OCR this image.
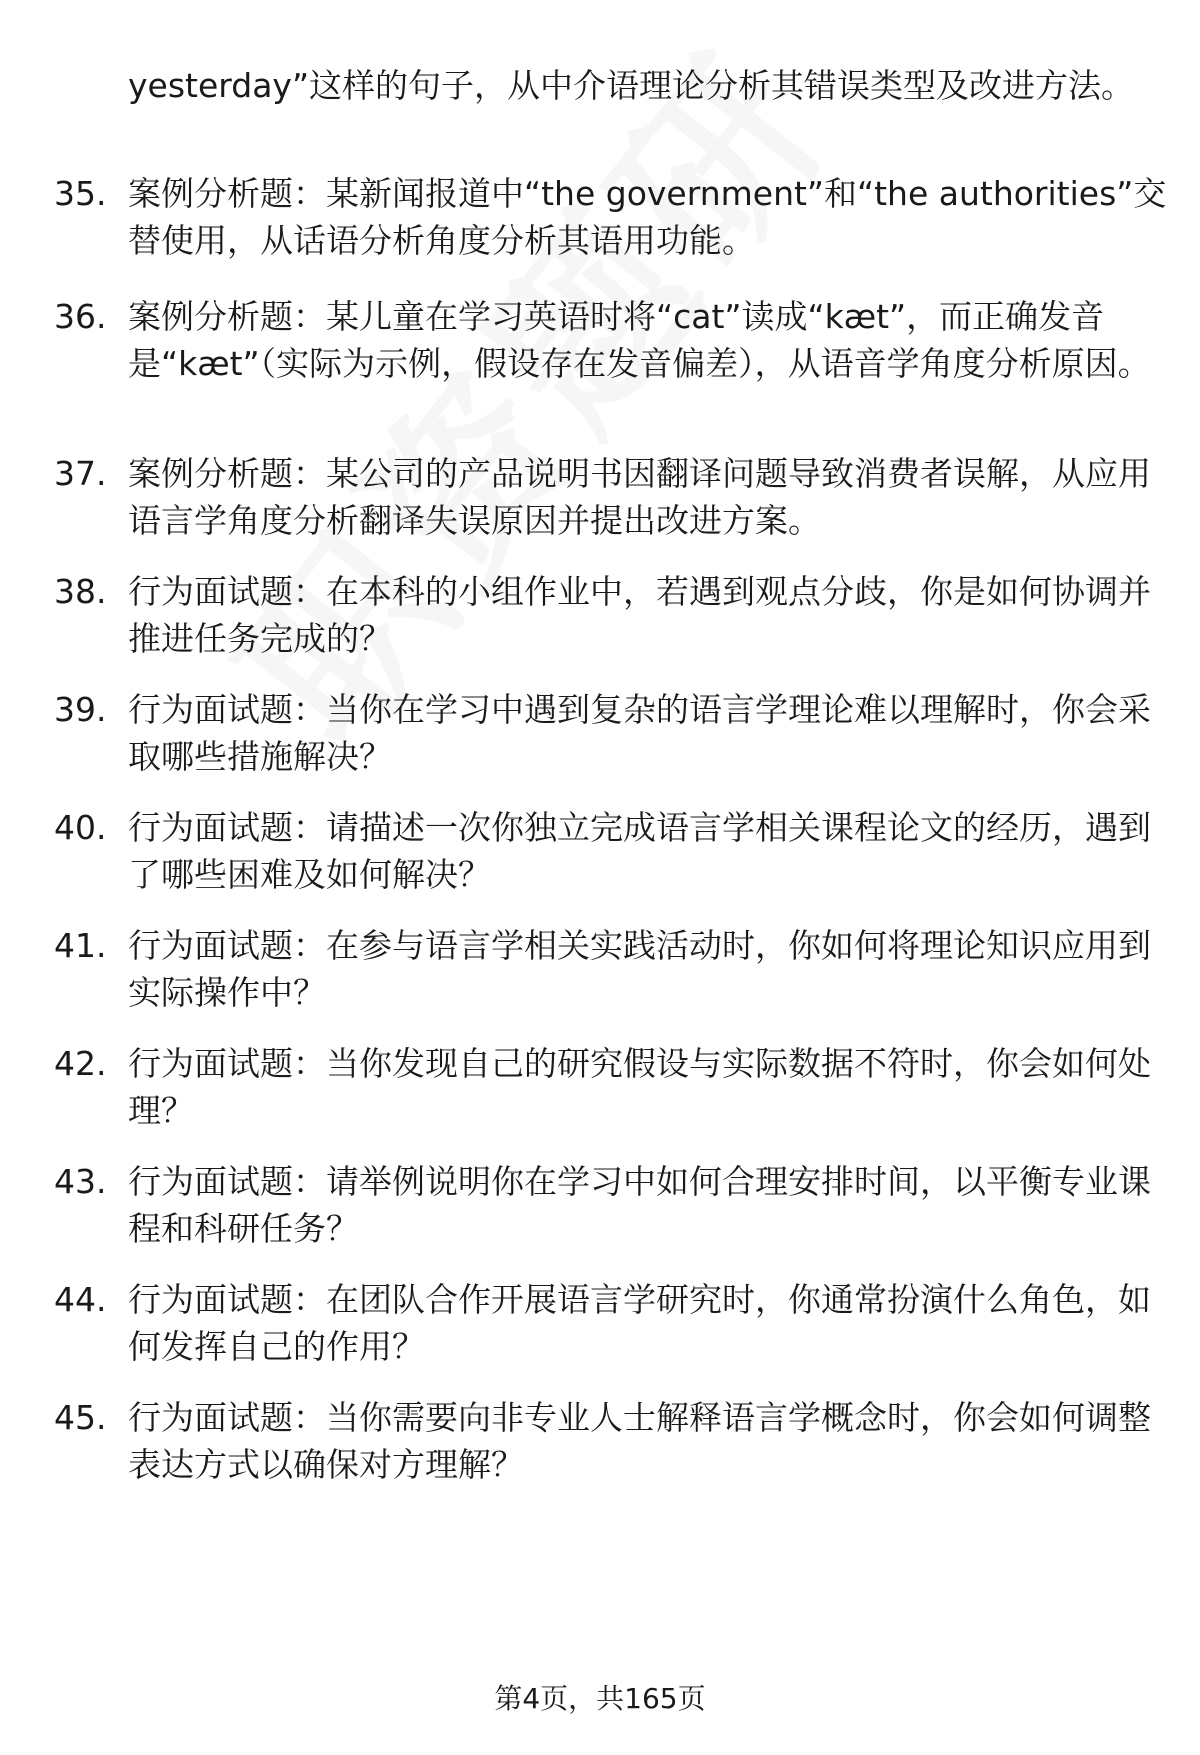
yesterday”这样的句子，从中介语理论分析其错误类型及改进方法。
35. 案例分析题：某新闻报道中“the government”和“the authorities”交替使用，从话语分析角度分析其语用功能。
36. 案例分析题：某儿童在学习英语时将“cat”读成“kæt”，而正确发音是“kæt”（实际为示例，假设存在发音偏差），从语音学角度分析原因。
37. 案例分析题：某公司的产品说明书因翻译问题导致消费者误解，从应用语言学角度分析翻译失误原因并提出改进方案。
38. 行为面试题：在本科的小组作业中，若遇到观点分歧，你是如何协调并推进任务完成的？
39. 行为面试题：当你在学习中遇到复杂的语言学理论难以理解时，你会采取哪些措施解决？
40. 行为面试题：请描述一次你独立完成语言学相关课程论文的经历，遇到了哪些困难及如何解决？
41. 行为面试题：在参与语言学相关实践活动时，你如何将理论知识应用到实际操作中？
42. 行为面试题：当你发现自己的研究假设与实际数据不符时，你会如何处理？
43. 行为面试题：请举例说明你在学习中如何合理安排时间，以平衡专业课程和科研任务？
44. 行为面试题：在团队合作开展语言学研究时，你通常扮演什么角色，如何发挥自己的作用？
45. 行为面试题：当你需要向非专业人士解释语言学概念时，你会如何调整表达方式以确保对方理解？
第4页，共165页
